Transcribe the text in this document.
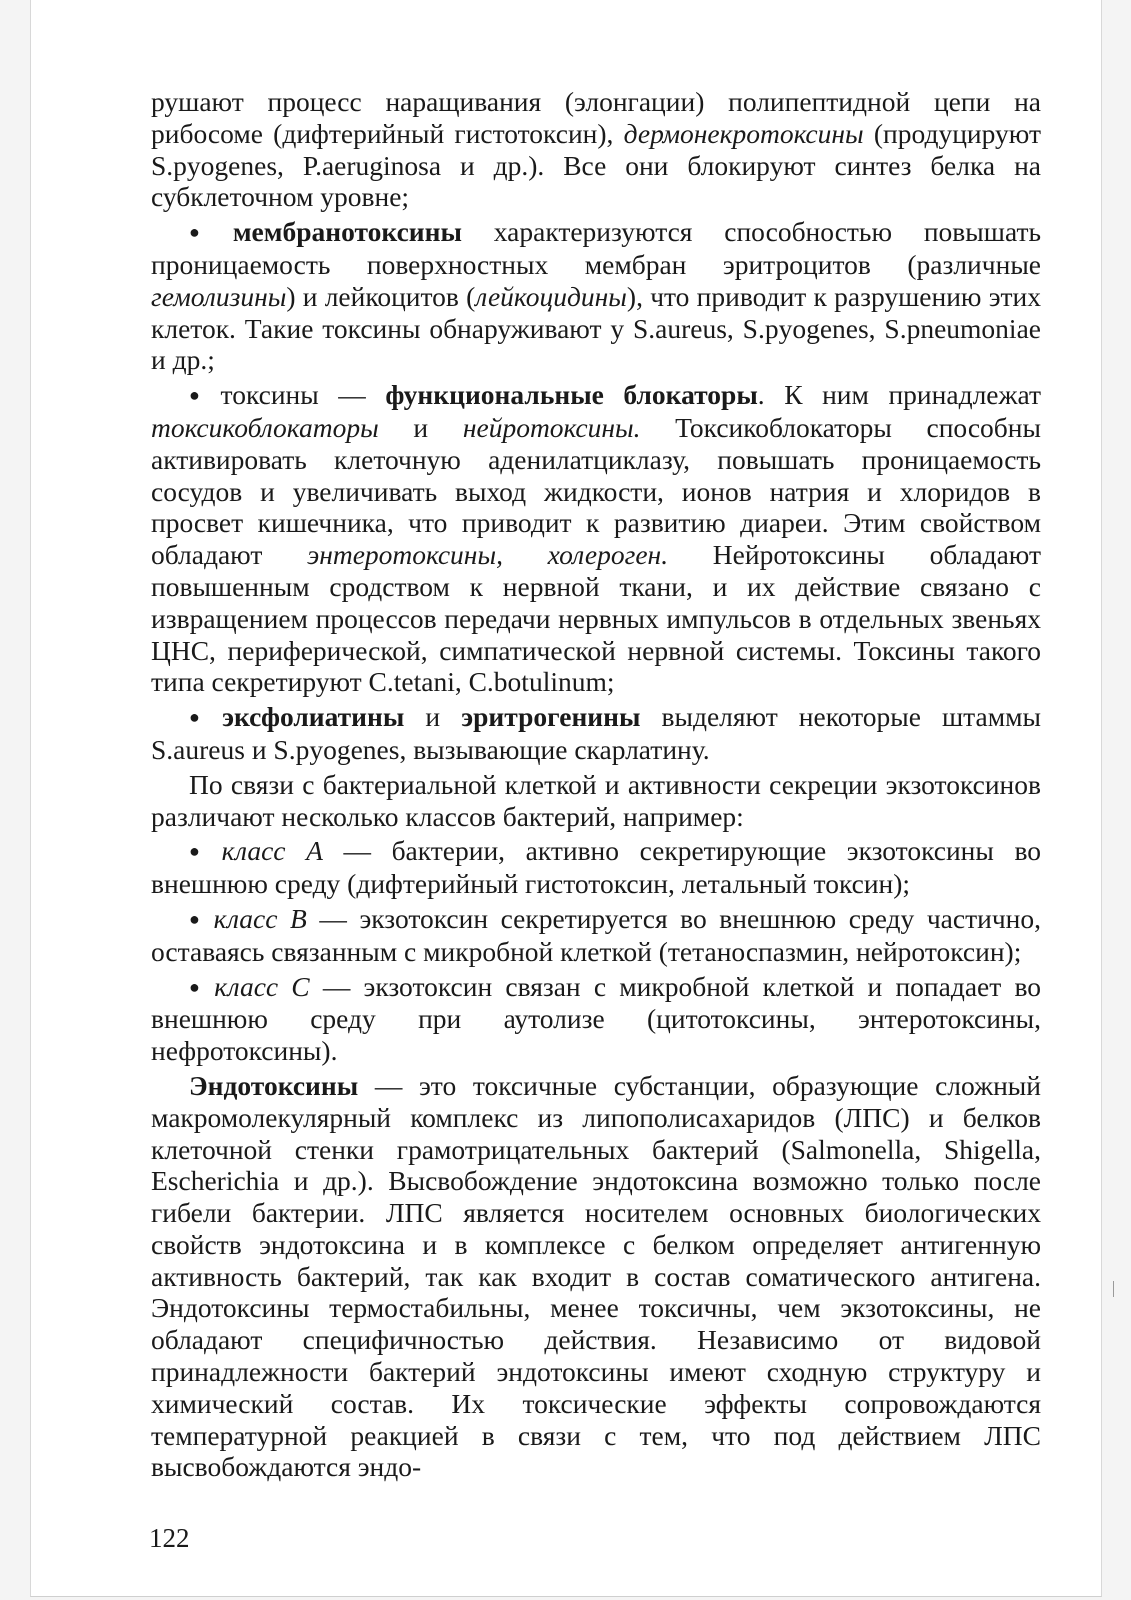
рушают процесс наращивания (элонгации) полипептидной цепи на рибосоме (дифтерийный гистотоксин), дермонекротоксины (продуцируют S.pyogenes, P.aeruginosa и др.). Все они блокируют синтез белка на субклеточном уровне;

● мембранотоксины характеризуются способностью повышать проницаемость поверхностных мембран эритроцитов (различные гемолизины) и лейкоцитов (лейкоцидины), что приводит к разрушению этих клеток. Такие токсины обнаруживают у S.aureus, S.pyogenes, S.pneumoniae и др.;

● токсины — функциональные блокаторы. К ним принадлежат токсикоблокаторы и нейротоксины. Токсикоблокаторы способны активировать клеточную аденилатциклазу, повышать проницаемость сосудов и увеличивать выход жидкости, ионов натрия и хлоридов в просвет кишечника, что приводит к развитию диареи. Этим свойством обладают энтеротоксины, холероген. Нейротоксины обладают повышенным сродством к нервной ткани, и их действие связано с извращением процессов передачи нервных импульсов в отдельных звеньях ЦНС, периферической, симпатической нервной системы. Токсины такого типа секретируют C.tetani, C.botulinum;

● эксфолиатины и эритрогенины выделяют некоторые штаммы S.aureus и S.pyogenes, вызывающие скарлатину.

По связи с бактериальной клеткой и активности секреции экзотоксинов различают несколько классов бактерий, например:

● класс A — бактерии, активно секретирующие экзотоксины во внешнюю среду (дифтерийный гистотоксин, летальный токсин);

● класс B — экзотоксин секретируется во внешнюю среду частично, оставаясь связанным с микробной клеткой (тетаноспазмин, нейротоксин);

● класс C — экзотоксин связан с микробной клеткой и попадает во внешнюю среду при аутолизе (цитотоксины, энтеротоксины, нефротоксины).

Эндотоксины — это токсичные субстанции, образующие сложный макромолекулярный комплекс из липополисахаридов (ЛПС) и белков клеточной стенки грамотрицательных бактерий (Salmonella, Shigella, Escherichia и др.). Высвобождение эндотоксина возможно только после гибели бактерии. ЛПС является носителем основных биологических свойств эндотоксина и в комплексе с белком определяет антигенную активность бактерий, так как входит в состав соматического антигена. Эндотоксины термостабильны, менее токсичны, чем экзотоксины, не обладают специфичностью действия. Независимо от видовой принадлежности бактерий эндотоксины имеют сходную структуру и химический состав. Их токсические эффекты сопровождаются температурной реакцией в связи с тем, что под действием ЛПС высвобождаются эндо-

122
